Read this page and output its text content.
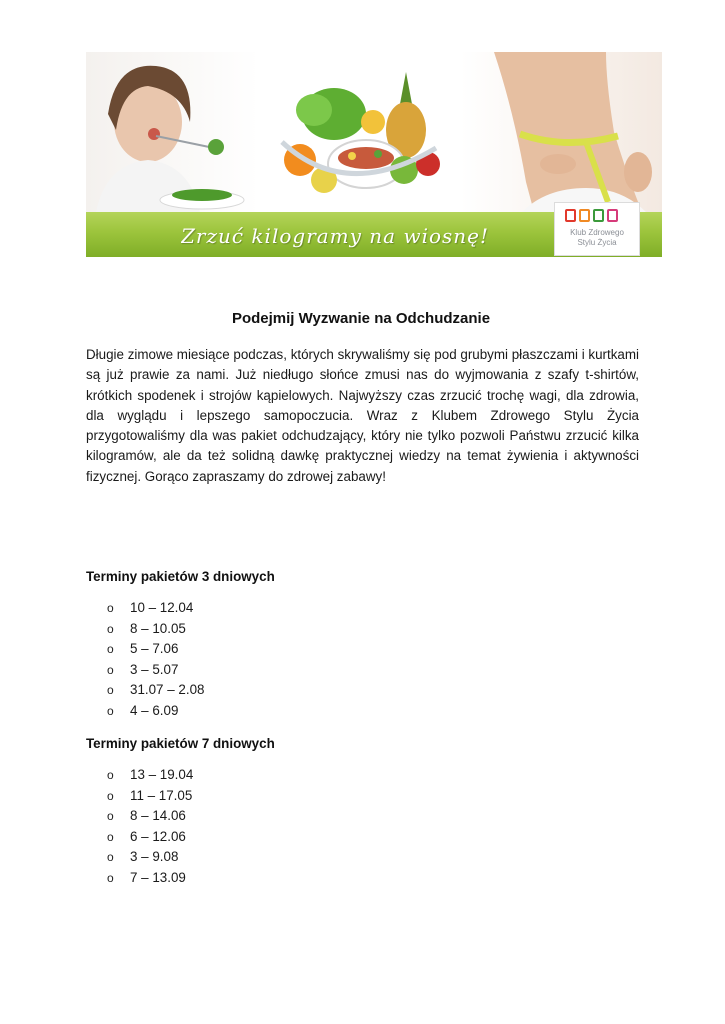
Zrzuć kilogramy na wiosnę!	Klub Zdrowego
Stylu Życia
Podejmij Wyzwanie na Odchudzanie

Długie zimowe miesiące podczas, których skrywaliśmy się pod grubymi płaszczami i kurtkami są już prawie za nami. Już niedługo słońce zmusi nas do wyjmowania z szafy t-shirtów, krótkich spodenek i strojów kąpielowych. Najwyższy czas zrzucić trochę wagi, dla zdrowia, dla wyglądu i lepszego samopoczucia. Wraz z Klubem Zdrowego Stylu Życia przygotowaliśmy dla was pakiet odchudzający, który nie tylko pozwoli Państwu zrzucić kilka kilogramów, ale da też solidną dawkę praktycznej wiedzy na temat żywienia i aktywności fizycznej. Gorąco zapraszamy do zdrowej zabawy!

Terminy pakietów 3 dniowych
o 10 – 12.04
o 8 – 10.05
o 5 – 7.06
o 3 – 5.07
o 31.07 – 2.08
o 4 – 6.09
Terminy pakietów 7 dniowych
o 13 – 19.04
o 11 – 17.05
o 8 – 14.06
o 6 – 12.06
o 3 – 9.08
o 7 – 13.09
